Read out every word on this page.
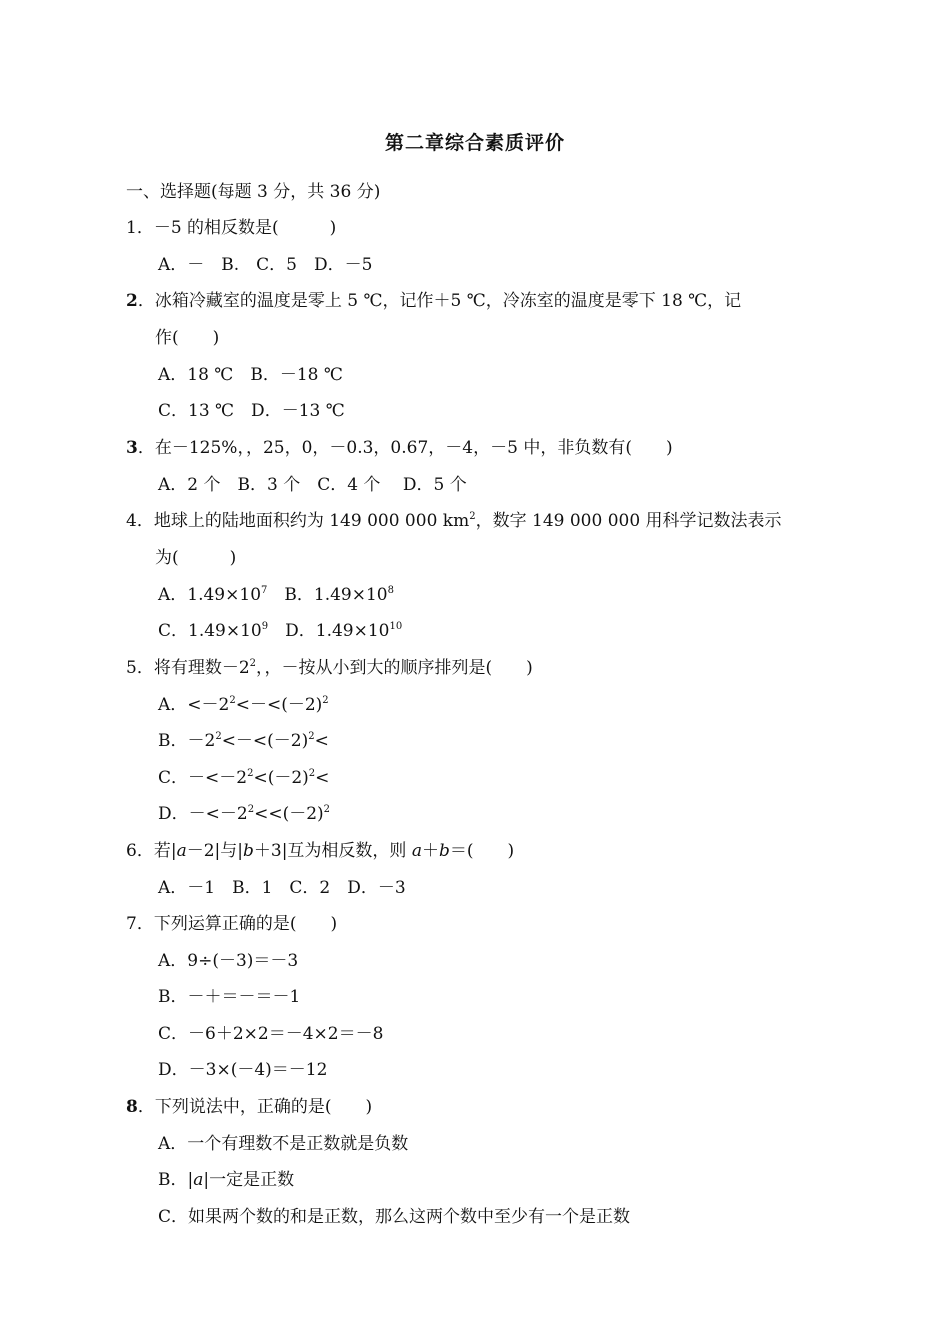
第二章综合素质评价
一、选择题(每题 3 分，共 36 分)
1．－5 的相反数是(　　　)
A．－　B.　C．5　D．－5
2．冰箱冷藏室的温度是零上 5 ℃，记作＋5 ℃，冷冻室的温度是零下 18 ℃，记
作(　　)
A．18 ℃　B．－18 ℃
C．13 ℃　D．－13 ℃
3．在－125%，，25，0，－0.3，0.67，－4，－5 中，非负数有(　　)
A．2 个　B．3 个　C．4 个　 D．5 个
4．地球上的陆地面积约为 149 000 000 $km^2$，数字 149 000 000 用科学记数法表示
为(　　　)
A．$1.49\times 10^7$　B．$1.49\times 10^8$
C．$1.49\times 10^9$　D．$1.49\times 10^{10}$
5．将有理数$-2^2$，，－按从小到大的顺序排列是(　　)
A．$<-2^2<-<(-2)^2$
B．$-2^2<-<(-2)^2<$
C．$-<-2^2<(-2)^2<$
D．$-<-2^2<<(-2)^2$
6．若|a－2|与|b＋3|互为相反数，则 a＋b＝(　　)
A．－1　B．1　C．2　D．－3
7．下列运算正确的是(　　)
A．9÷(－3)＝－3
B．－＋＝－＝－1
C．－6＋2×2＝－4×2＝－8
D．－3×(－4)＝－12
8．下列说法中，正确的是(　　)
A．一个有理数不是正数就是负数
B．|a|一定是正数
C．如果两个数的和是正数，那么这两个数中至少有一个是正数
